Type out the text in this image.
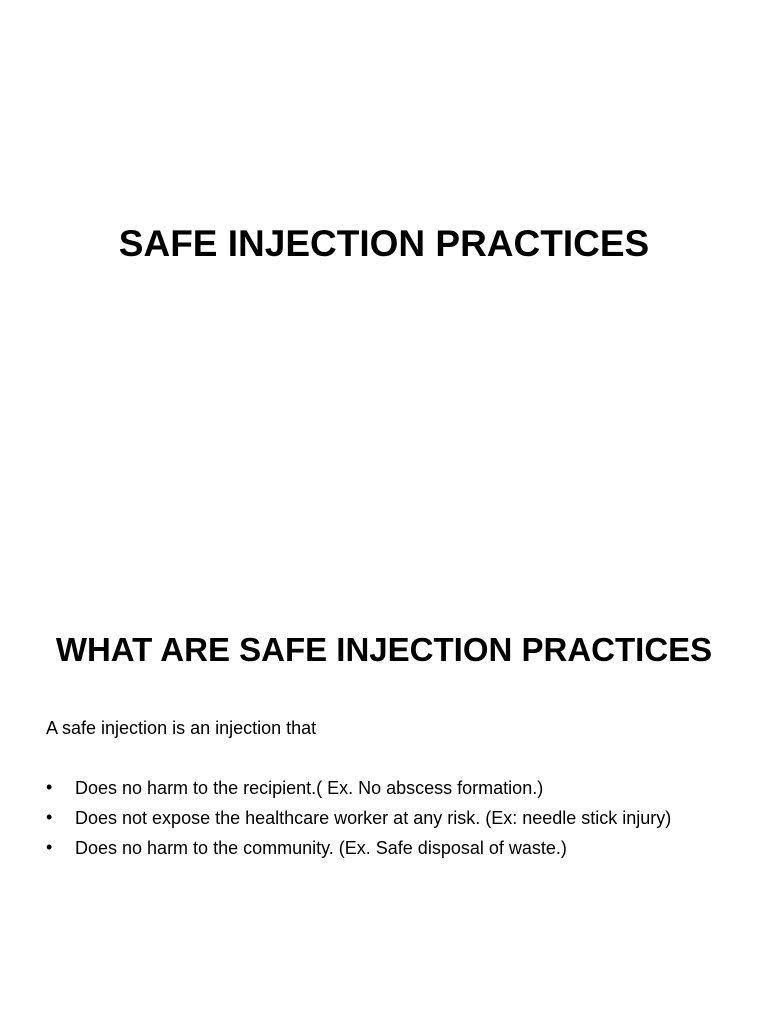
SAFE INJECTION PRACTICES
WHAT ARE SAFE INJECTION PRACTICES
A safe injection is an injection that
•	Does no harm to the recipient.( Ex. No abscess formation.)
•	Does not expose the healthcare worker at any risk. (Ex: needle stick injury)
•	Does no harm to the community. (Ex. Safe disposal of waste.)
